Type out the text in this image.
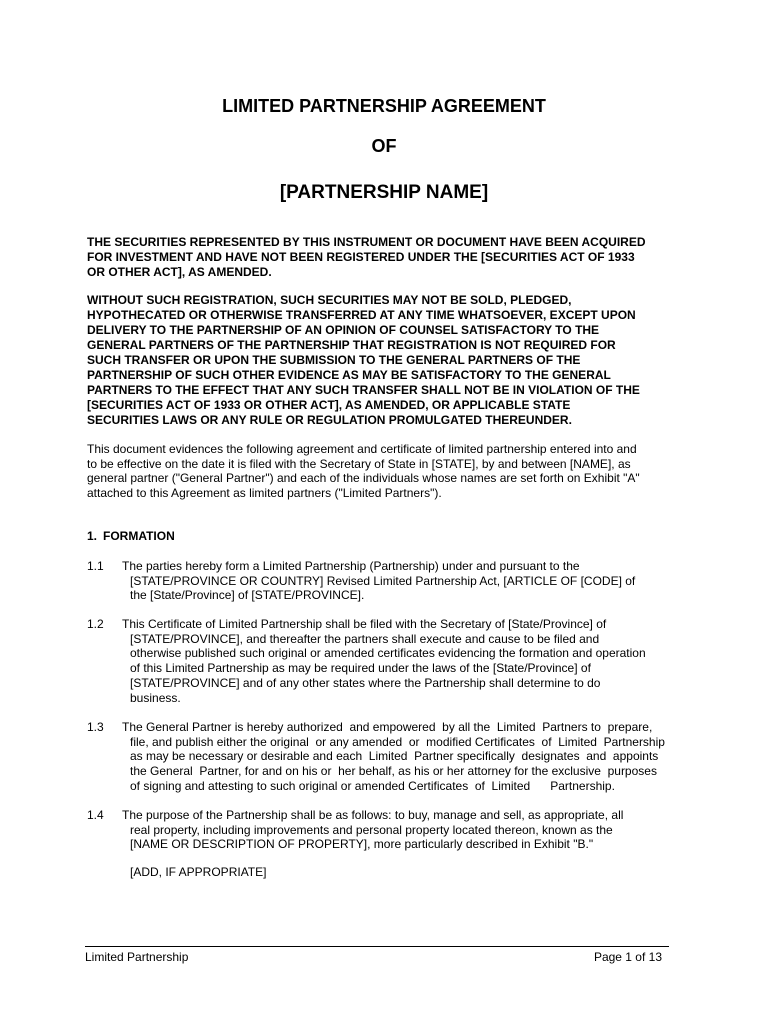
LIMITED PARTNERSHIP AGREEMENT
OF
[PARTNERSHIP NAME]
THE SECURITIES REPRESENTED BY THIS INSTRUMENT OR DOCUMENT HAVE BEEN ACQUIRED
FOR INVESTMENT AND HAVE NOT BEEN REGISTERED UNDER THE [SECURITIES ACT OF 1933
OR OTHER ACT], AS AMENDED.
WITHOUT SUCH REGISTRATION, SUCH SECURITIES MAY NOT BE SOLD, PLEDGED,
HYPOTHECATED OR OTHERWISE TRANSFERRED AT ANY TIME WHATSOEVER, EXCEPT UPON
DELIVERY TO THE PARTNERSHIP OF AN OPINION OF COUNSEL SATISFACTORY TO THE
GENERAL PARTNERS OF THE PARTNERSHIP THAT REGISTRATION IS NOT REQUIRED FOR
SUCH TRANSFER OR UPON THE SUBMISSION TO THE GENERAL PARTNERS OF THE
PARTNERSHIP OF SUCH OTHER EVIDENCE AS MAY BE SATISFACTORY TO THE GENERAL
PARTNERS TO THE EFFECT THAT ANY SUCH TRANSFER SHALL NOT BE IN VIOLATION OF THE
[SECURITIES ACT OF 1933 OR OTHER ACT], AS AMENDED, OR APPLICABLE STATE
SECURITIES LAWS OR ANY RULE OR REGULATION PROMULGATED THEREUNDER.
This document evidences the following agreement and certificate of limited partnership entered into and
to be effective on the date it is filed with the Secretary of State in [STATE], by and between [NAME], as
general partner ("General Partner") and each of the individuals whose names are set forth on Exhibit "A"
attached to this Agreement as limited partners ("Limited Partners").
1. FORMATION
1.1 The parties hereby form a Limited Partnership (Partnership) under and pursuant to the
[STATE/PROVINCE OR COUNTRY] Revised Limited Partnership Act, [ARTICLE OF [CODE] of
the [State/Province] of [STATE/PROVINCE].
1.2 This Certificate of Limited Partnership shall be filed with the Secretary of [State/Province] of
[STATE/PROVINCE], and thereafter the partners shall execute and cause to be filed and
otherwise published such original or amended certificates evidencing the formation and operation
of this Limited Partnership as may be required under the laws of the [State/Province] of
[STATE/PROVINCE] and of any other states where the Partnership shall determine to do
business.
1.3 The General Partner is hereby authorized  and empowered  by all the  Limited  Partners to  prepare,
file, and publish either the original  or any amended  or  modified Certificates  of  Limited  Partnership
as may be necessary or desirable and each  Limited  Partner specifically  designates  and  appoints
the General  Partner, for and on his or  her behalf, as his or her attorney for the exclusive  purposes
of signing and attesting to such original or amended Certificates  of  Limited      Partnership.
1.4 The purpose of the Partnership shall be as follows: to buy, manage and sell, as appropriate, all
real property, including improvements and personal property located thereon, known as the
[NAME OR DESCRIPTION OF PROPERTY], more particularly described in Exhibit "B."
[ADD, IF APPROPRIATE]
Limited Partnership	Page 1 of 13
